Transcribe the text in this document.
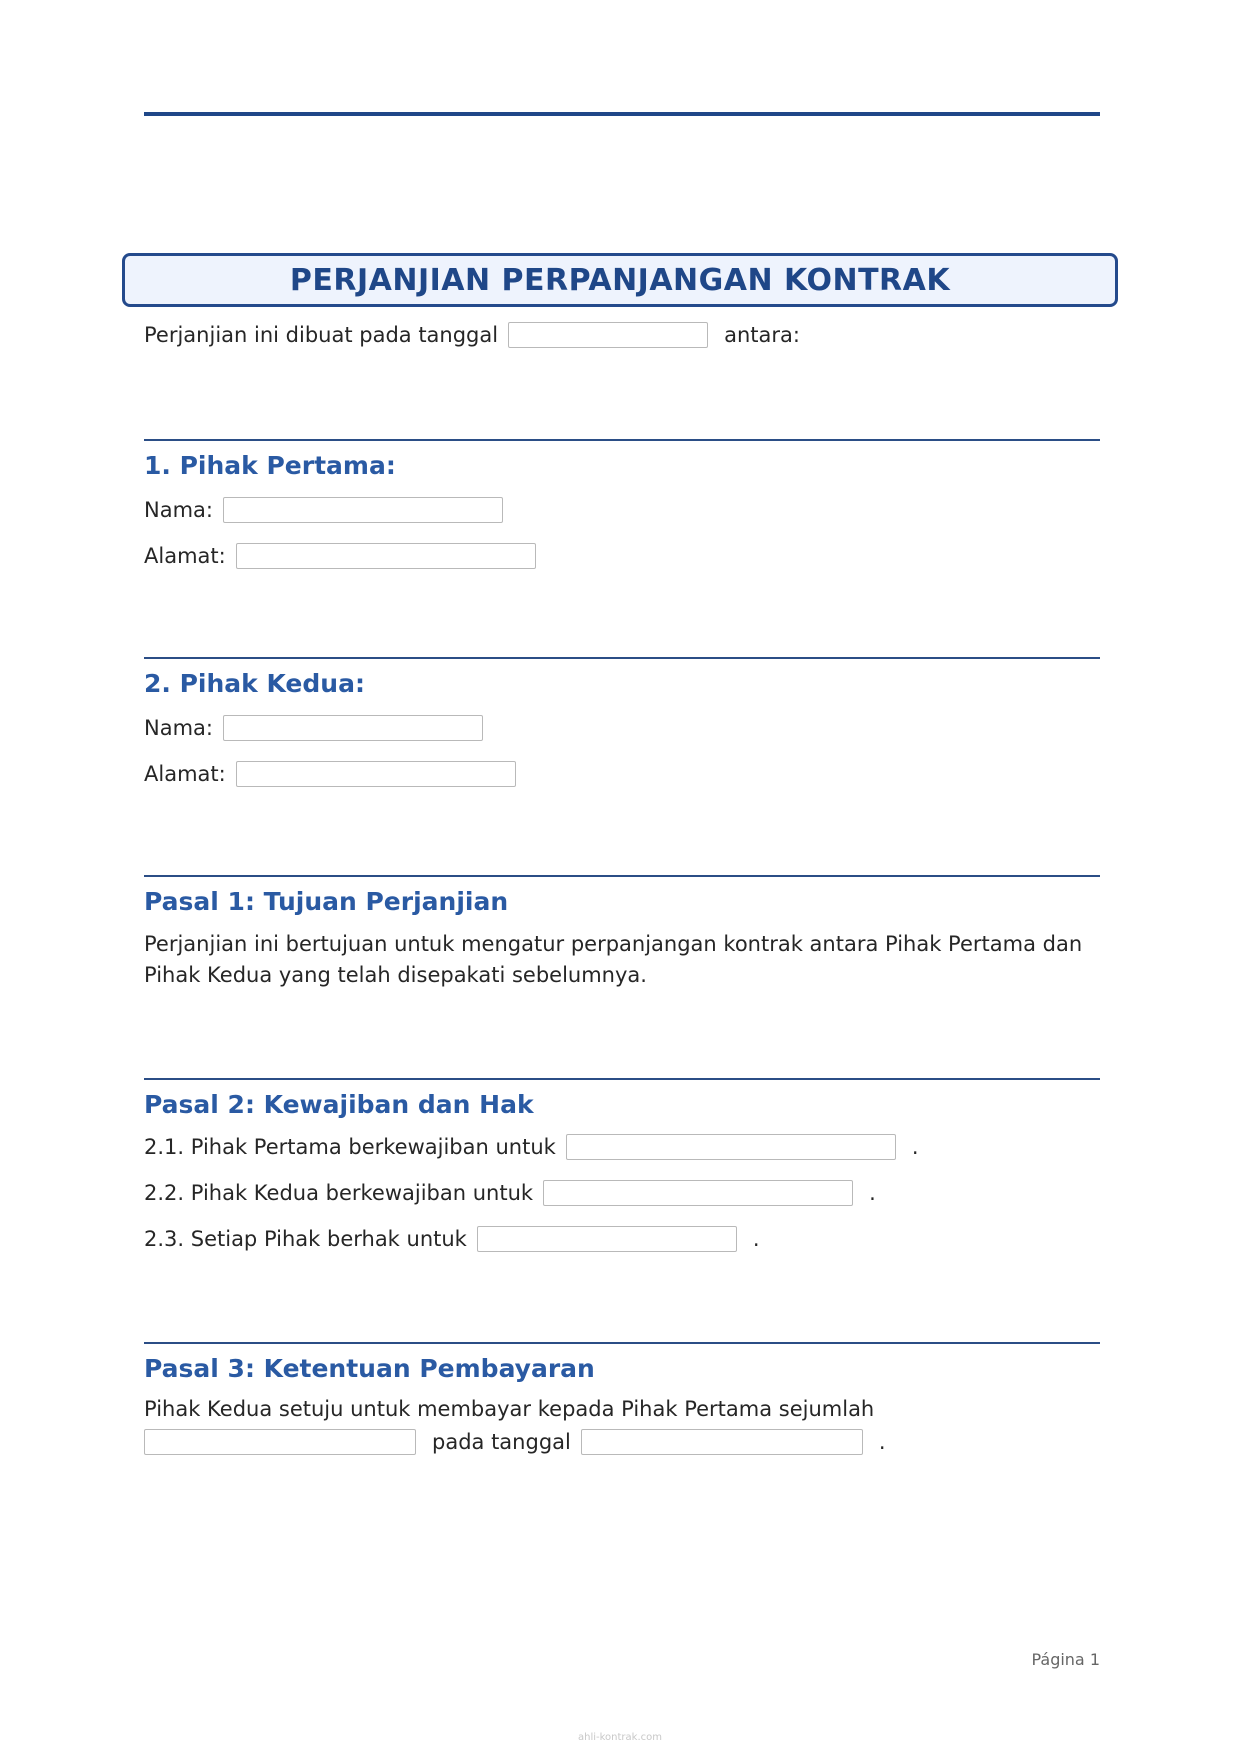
PERJANJIAN PERPANJANGAN KONTRAK
Perjanjian ini dibuat pada tanggal	antara:
1. Pihak Pertama:
Nama:
Alamat:
2. Pihak Kedua:
Nama:
Alamat:
Pasal 1: Tujuan Perjanjian
Perjanjian ini bertujuan untuk mengatur perpanjangan kontrak antara Pihak Pertama dan
Pihak Kedua yang telah disepakati sebelumnya.
Pasal 2: Kewajiban dan Hak
2.1. Pihak Pertama berkewajiban untuk	.
2.2. Pihak Kedua berkewajiban untuk	.
2.3. Setiap Pihak berhak untuk	.
Pasal 3: Ketentuan Pembayaran
Pihak Kedua setuju untuk membayar kepada Pihak Pertama sejumlah
pada tanggal	.
Página 1
ahli-kontrak.com
